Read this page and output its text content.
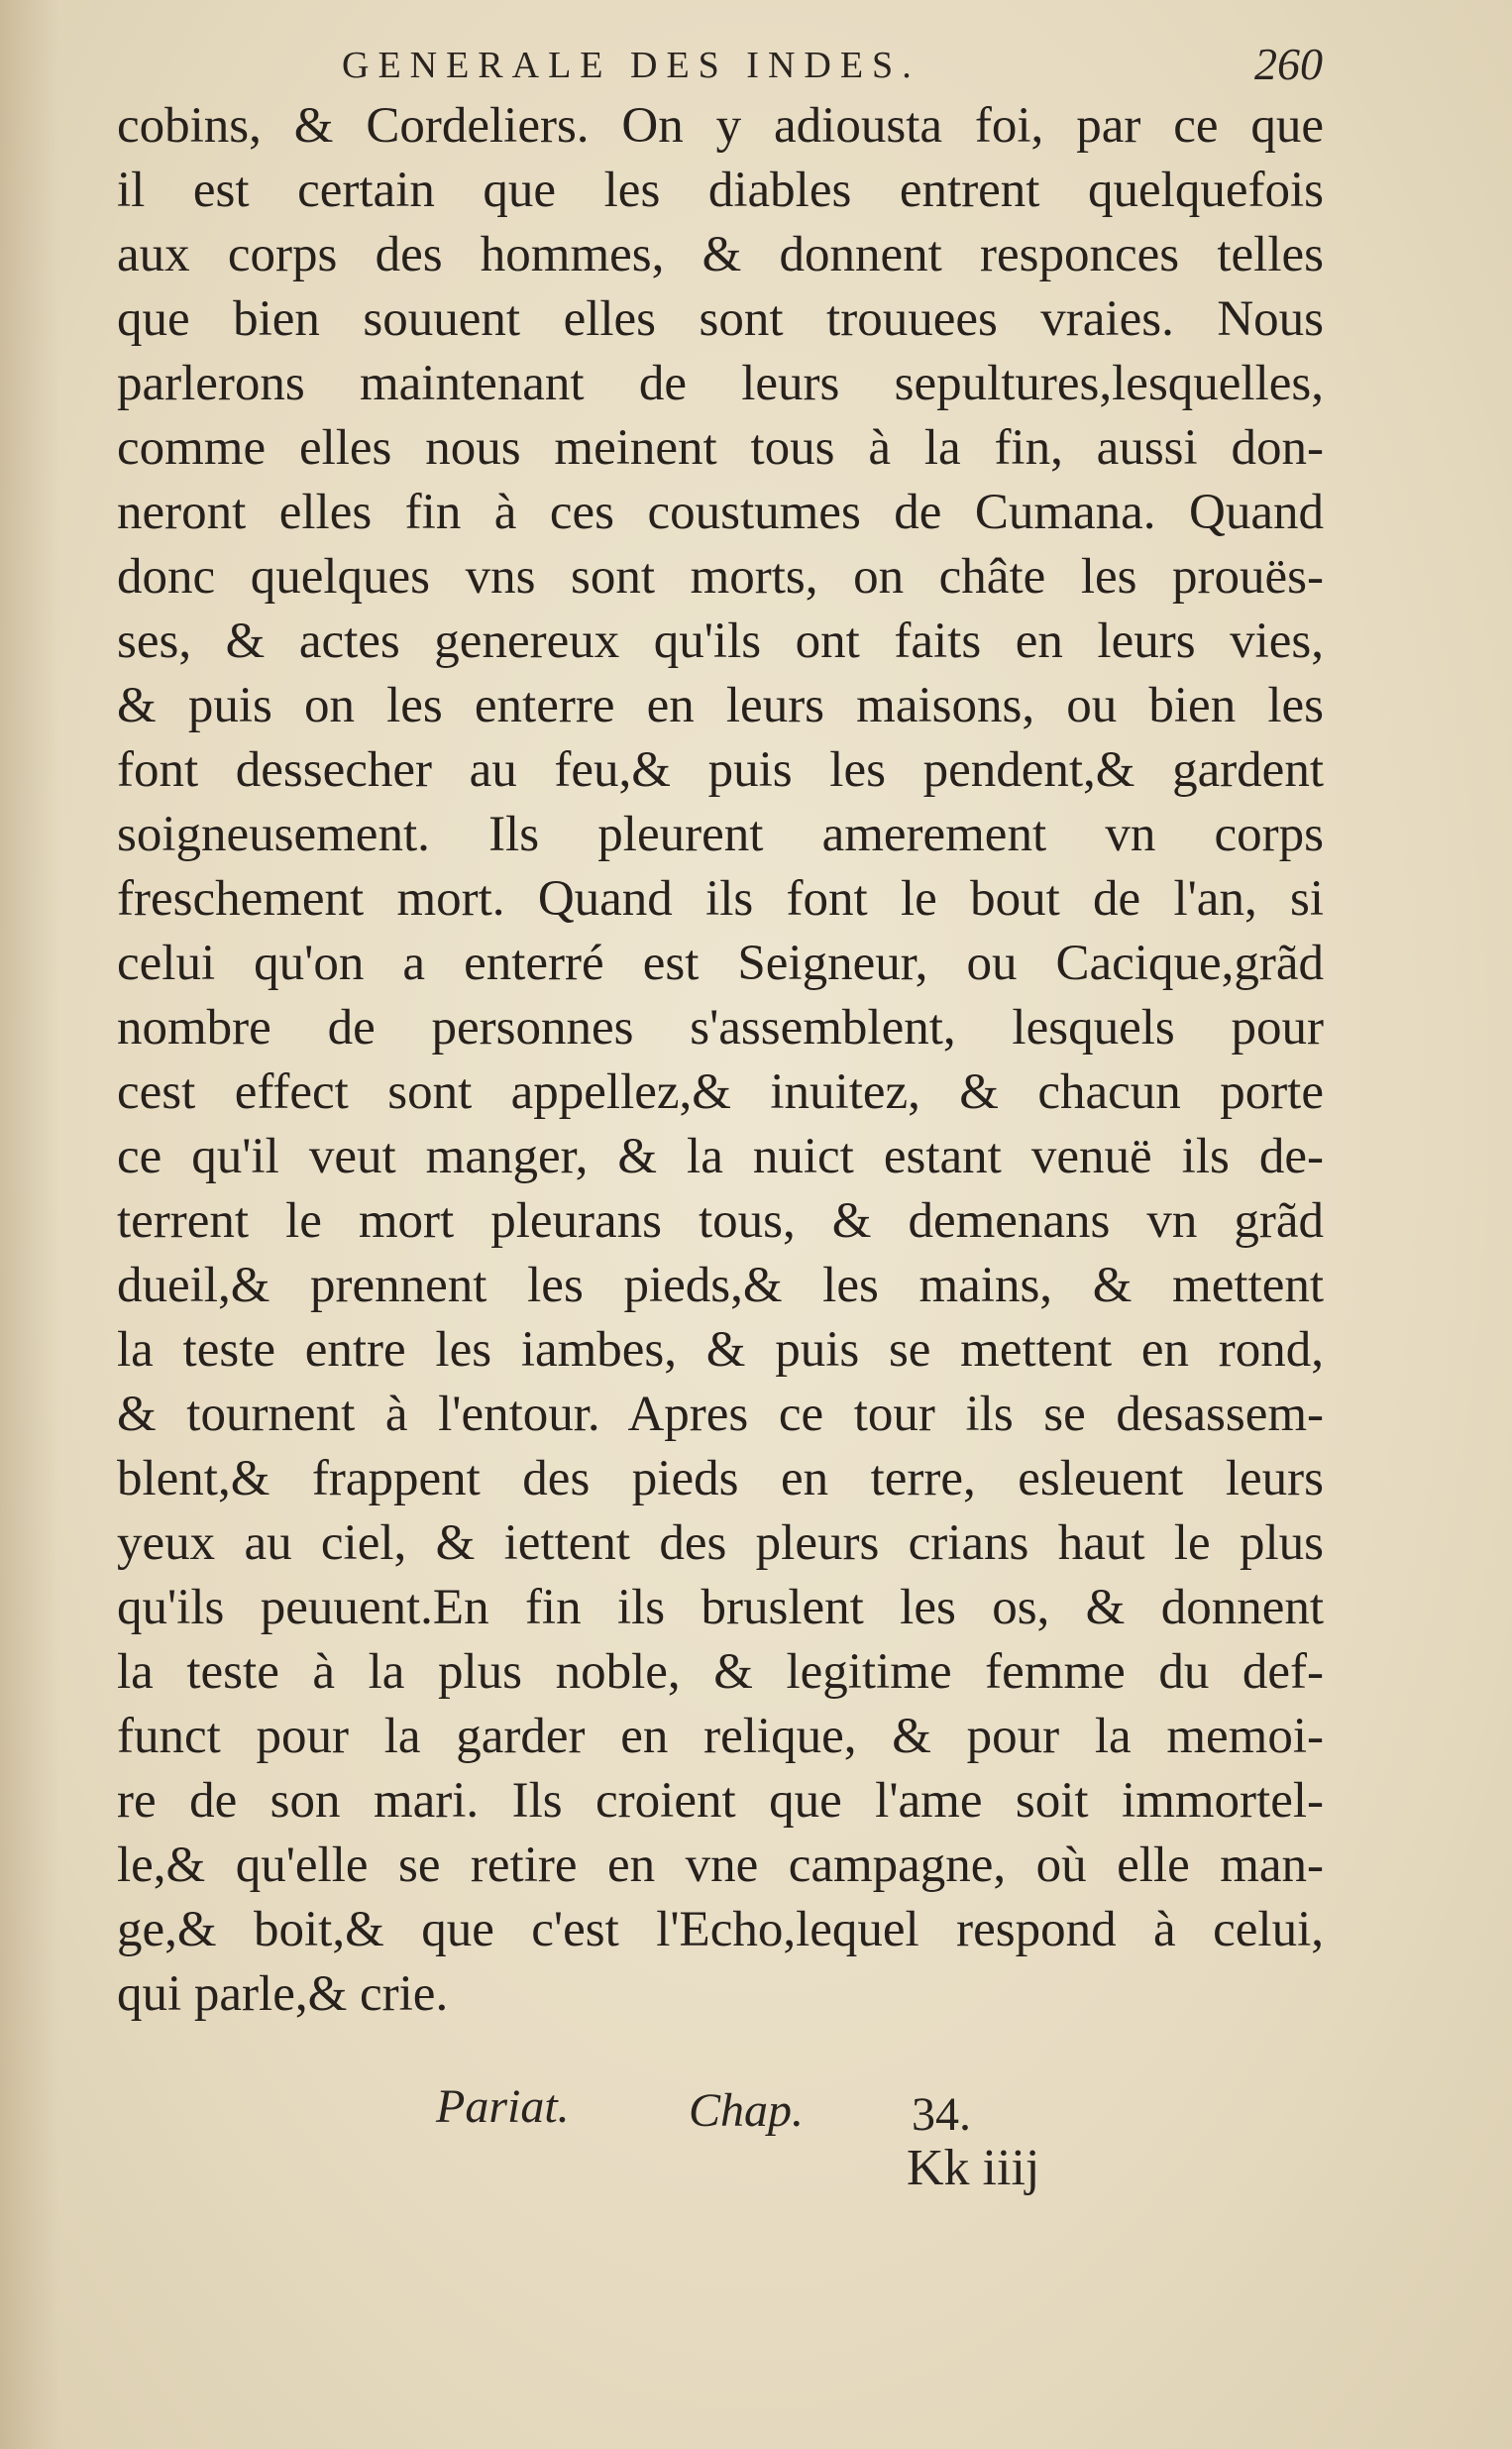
GENERALE DES INDES.	260
cobins, & Cordeliers. On y adiousta foi, par ce que
il est certain que les diables entrent quelquefois
aux corps des hommes, & donnent responces telles
que bien souuent elles sont trouuees vraies. Nous
parlerons maintenant de leurs sepultures,lesquelles,
comme elles nous meinent tous à la fin, aussi don-
neront elles fin à ces coustumes de Cumana. Quand
donc quelques vns sont morts, on châte les prouës-
ses, & actes genereux qu'ils ont faits en leurs vies,
& puis on les enterre en leurs maisons, ou bien les
font dessecher au feu,& puis les pendent,& gardent
soigneusement. Ils pleurent amerement vn corps
freschement mort. Quand ils font le bout de l'an, si
celui qu'on a enterré est Seigneur, ou Cacique,grãd
nombre de personnes s'assemblent, lesquels pour
cest effect sont appellez,& inuitez, & chacun porte
ce qu'il veut manger, & la nuict estant venuë ils de-
terrent le mort pleurans tous, & demenans vn grãd
dueil,& prennent les pieds,& les mains, & mettent
la teste entre les iambes, & puis se mettent en rond,
& tournent à l'entour. Apres ce tour ils se desassem-
blent,& frappent des pieds en terre, esleuent leurs
yeux au ciel, & iettent des pleurs crians haut le plus
qu'ils peuuent.En fin ils bruslent les os, & donnent
la teste à la plus noble, & legitime femme du def-
funct pour la garder en relique, & pour la memoi-
re de son mari. Ils croient que l'ame soit immortel-
le,& qu'elle se retire en vne campagne, où elle man-
ge,& boit,& que c'est l'Echo,lequel respond à celui,
qui parle,& crie.
Pariat.	Chap. 34.
Kk iiij
